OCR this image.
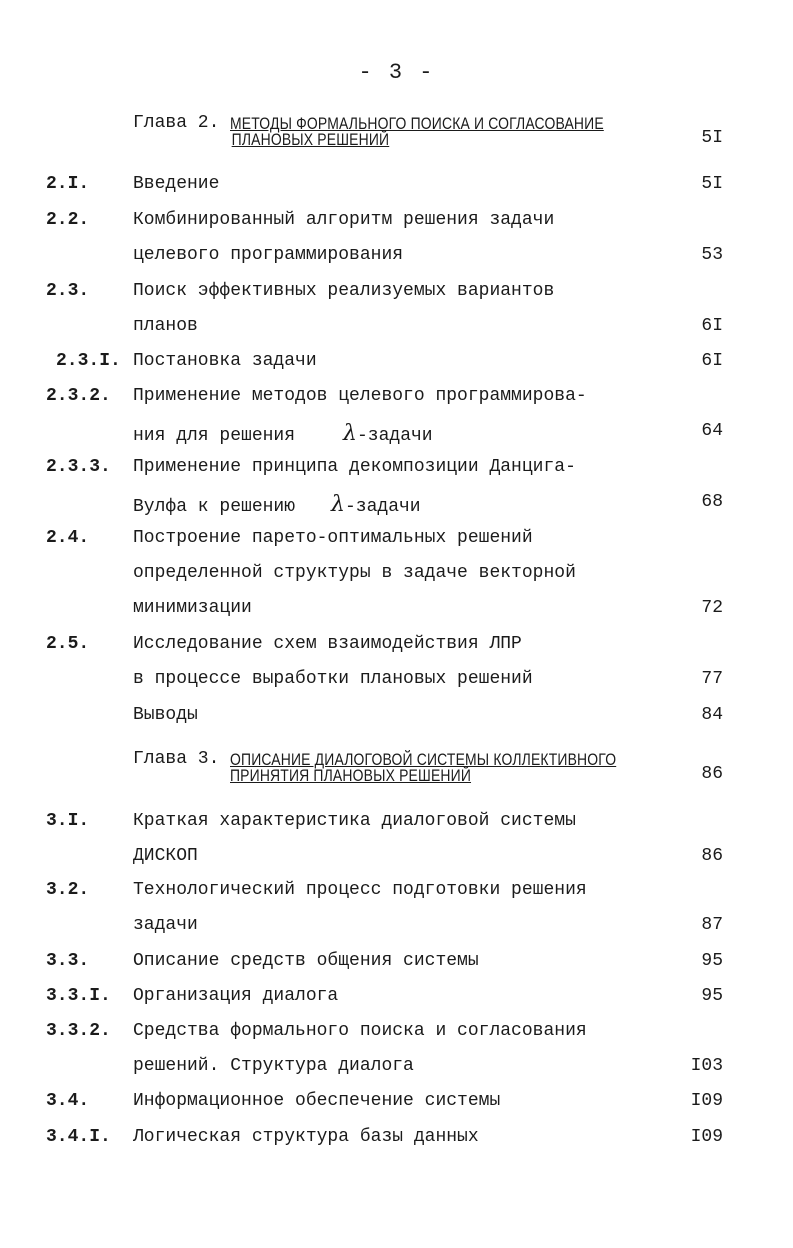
- 3 -
Глава 2. МЕТОДЫ ФОРМАЛЬНОГО ПОИСКА И СОГЛАСОВАНИЕ
ПЛАНОВЫХ РЕШЕНИЙ	5I
2.I. Введение	5I
2.2. Комбинированный алгоритм решения задачи
целевого программирования	53
2.3. Поиск эффективных реализуемых вариантов
планов	6I
2.3.I. Постановка задачи	6I
2.3.2. Применение методов целевого программирова-
ния для решения λ-задачи	64
2.3.3. Применение принципа декомпозиции Данцига-
Вулфа к решению λ-задачи	68
2.4. Построение парето-оптимальных решений
определенной структуры в задаче векторной
минимизации	72
2.5. Исследование схем взаимодействия ЛПР
в процессе выработки плановых решений	77
Выводы	84
Глава 3. ОПИСАНИЕ ДИАЛОГОВОЙ СИСТЕМЫ КОЛЛЕКТИВНОГО
ПРИНЯТИЯ ПЛАНОВЫХ РЕШЕНИЙ	86
3.I. Краткая характеристика диалоговой системы
ДИСКОП	86
3.2. Технологический процесс подготовки решения
задачи	87
3.3. Описание средств общения системы	95
3.3.I. Организация диалога	95
3.3.2. Средства формального поиска и согласования
решений. Структура диалога	I03
3.4. Информационное обеспечение системы	I09
3.4.I. Логическая структура базы данных	I09
